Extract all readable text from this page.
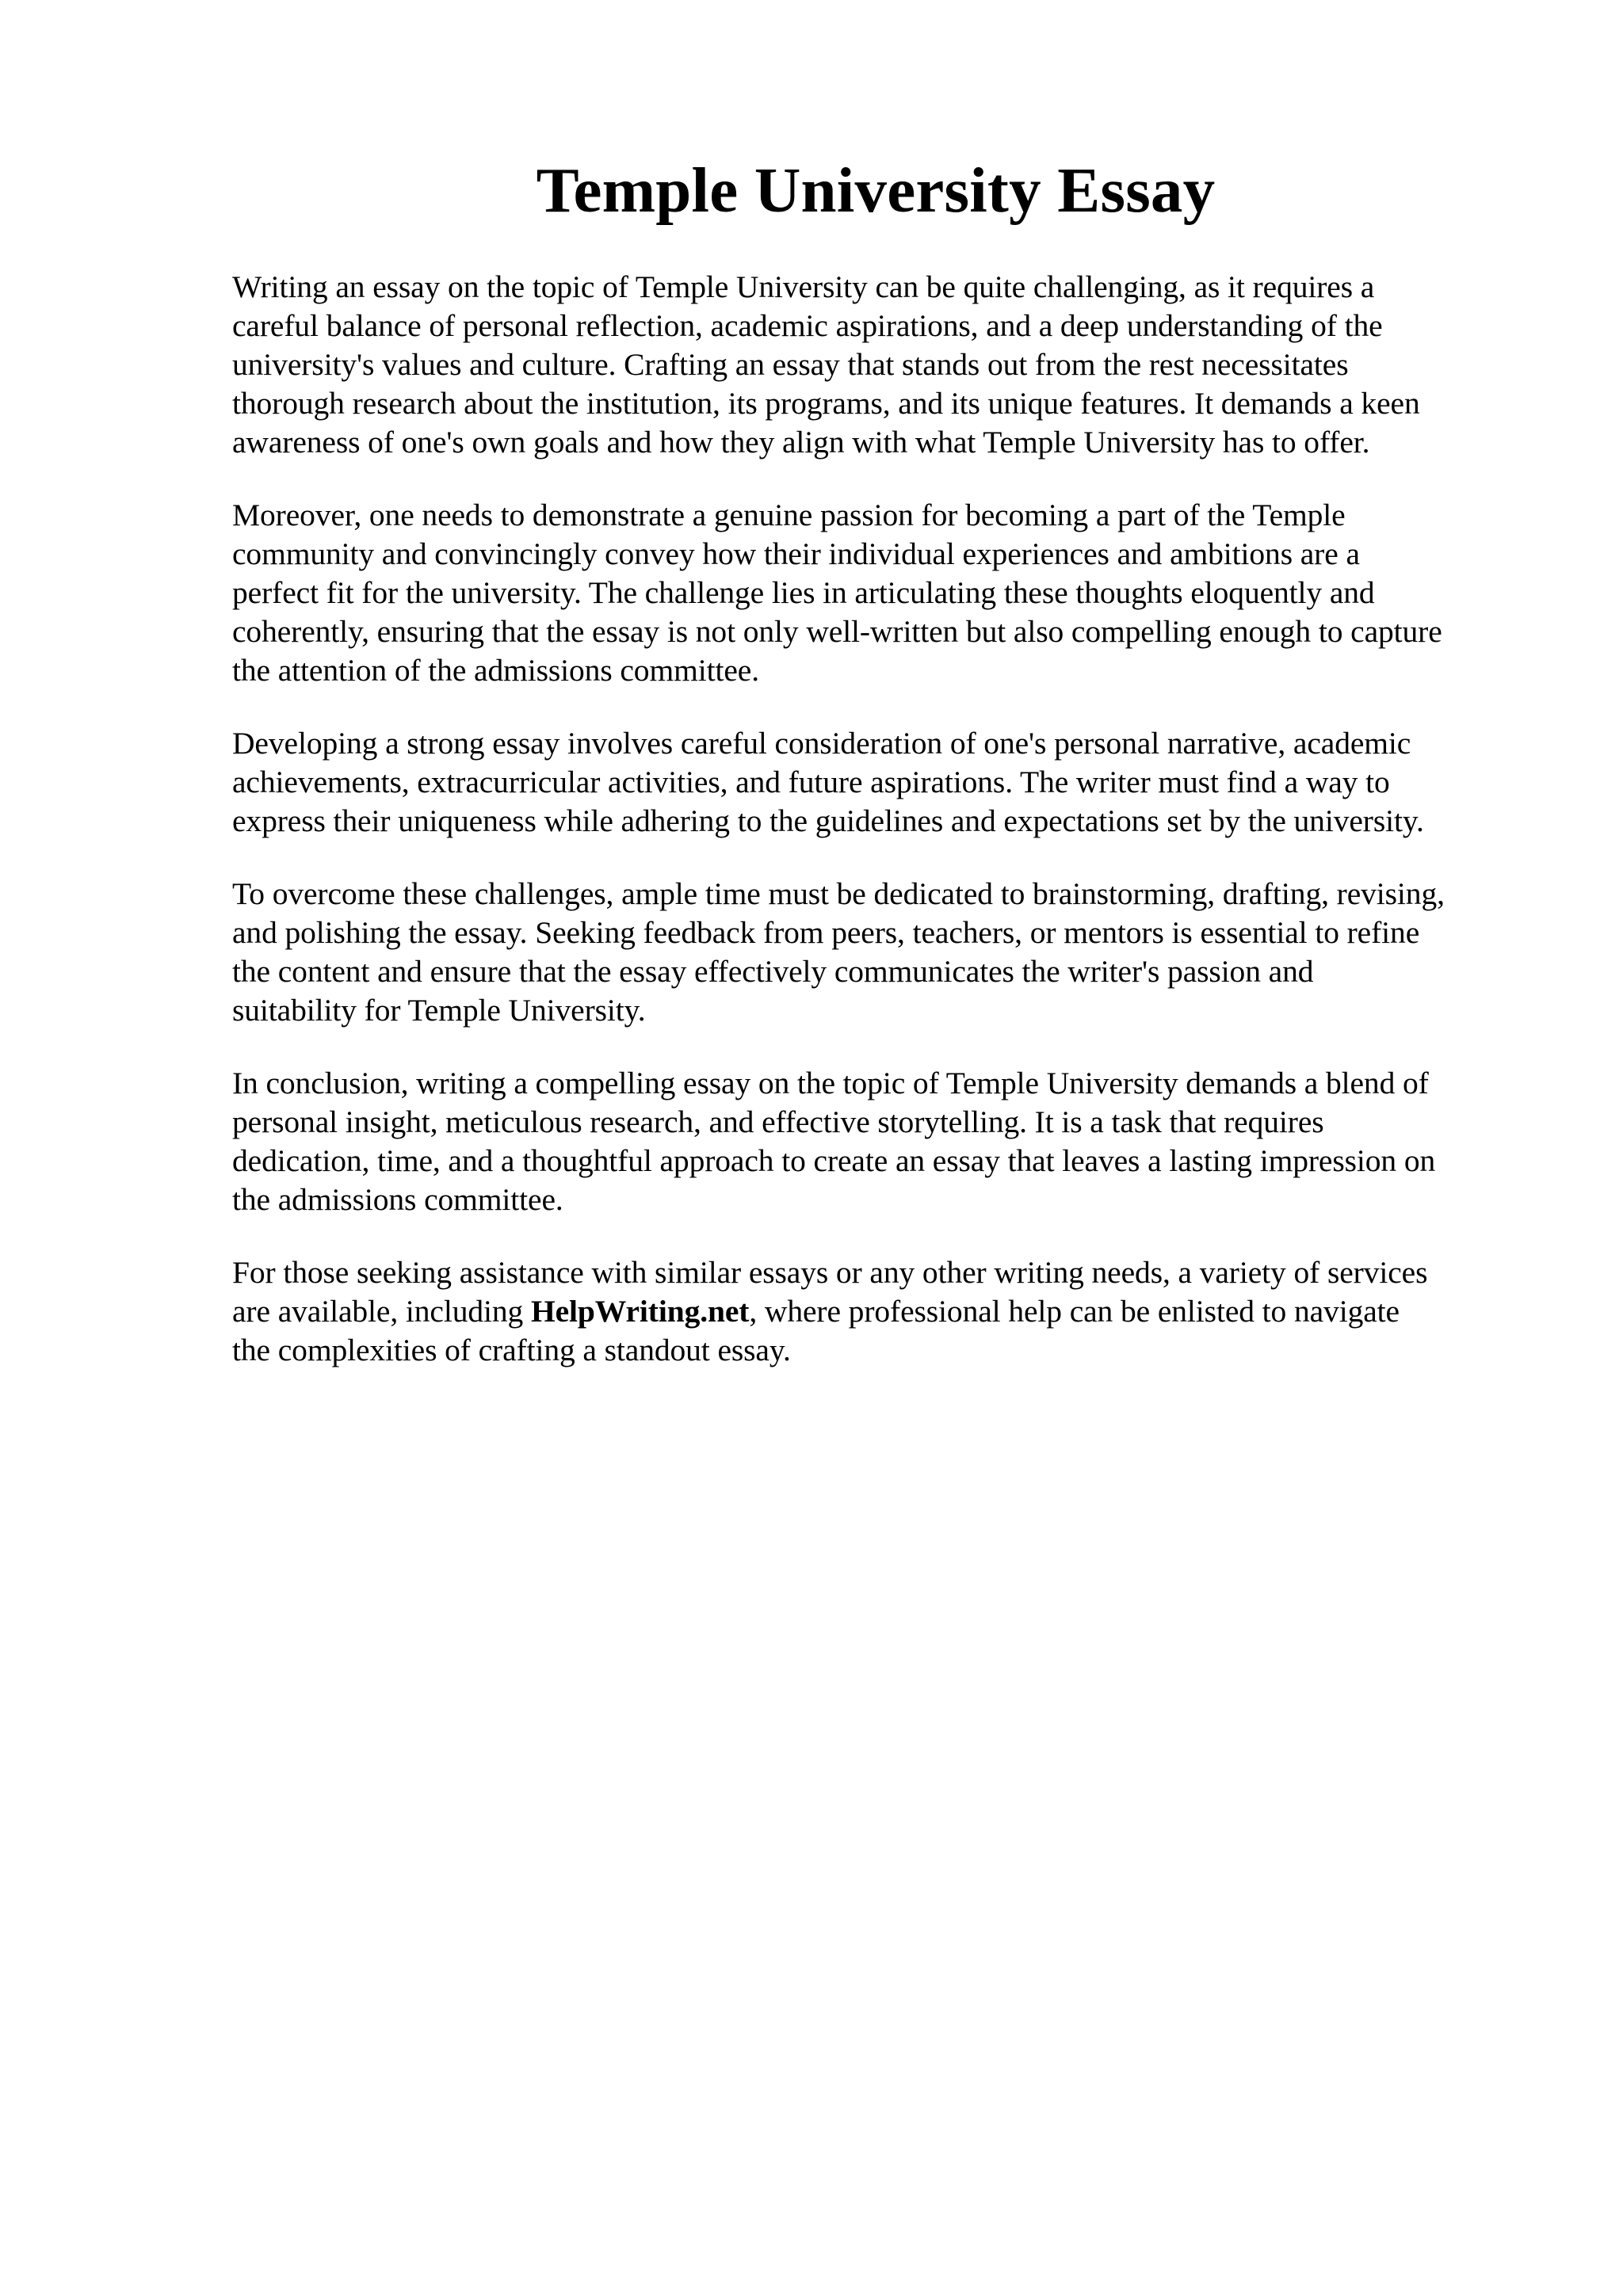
Temple University Essay

Writing an essay on the topic of Temple University can be quite challenging, as it requires a
careful balance of personal reflection, academic aspirations, and a deep understanding of the
university's values and culture. Crafting an essay that stands out from the rest necessitates
thorough research about the institution, its programs, and its unique features. It demands a keen
awareness of one's own goals and how they align with what Temple University has to offer.

Moreover, one needs to demonstrate a genuine passion for becoming a part of the Temple
community and convincingly convey how their individual experiences and ambitions are a
perfect fit for the university. The challenge lies in articulating these thoughts eloquently and
coherently, ensuring that the essay is not only well-written but also compelling enough to capture
the attention of the admissions committee.

Developing a strong essay involves careful consideration of one's personal narrative, academic
achievements, extracurricular activities, and future aspirations. The writer must find a way to
express their uniqueness while adhering to the guidelines and expectations set by the university.

To overcome these challenges, ample time must be dedicated to brainstorming, drafting, revising,
and polishing the essay. Seeking feedback from peers, teachers, or mentors is essential to refine
the content and ensure that the essay effectively communicates the writer's passion and
suitability for Temple University.

In conclusion, writing a compelling essay on the topic of Temple University demands a blend of
personal insight, meticulous research, and effective storytelling. It is a task that requires
dedication, time, and a thoughtful approach to create an essay that leaves a lasting impression on
the admissions committee.

For those seeking assistance with similar essays or any other writing needs, a variety of services
are available, including HelpWriting.net, where professional help can be enlisted to navigate
the complexities of crafting a standout essay.
